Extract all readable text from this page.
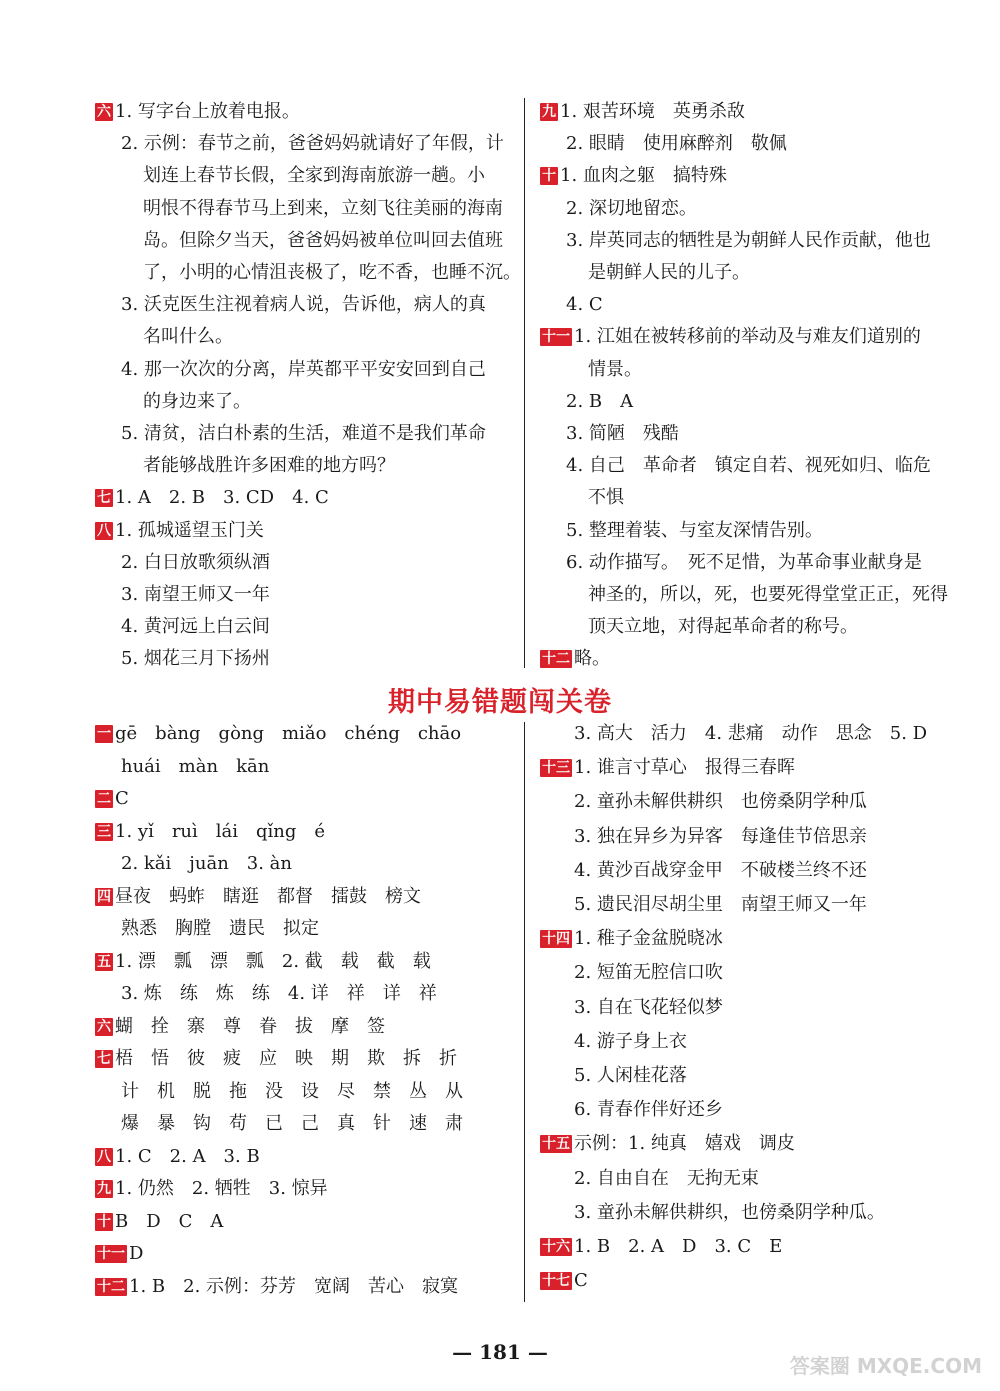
六 1. 写字台上放着电报。
2. 示例：春节之前，爸爸妈妈就请好了年假，计
划连上春节长假，全家到海南旅游一趟。小
明恨不得春节马上到来，立刻飞往美丽的海南
岛。但除夕当天，爸爸妈妈被单位叫回去值班
了，小明的心情沮丧极了，吃不香，也睡不沉。
3. 沃克医生注视着病人说，告诉他，病人的真
名叫什么。
4. 那一次次的分离，岸英都平平安安回到自己
的身边来了。
5. 清贫，洁白朴素的生活，难道不是我们革命
者能够战胜许多困难的地方吗？
七 1. A　2. B　3. CD　4. C
八 1. 孤城遥望玉门关
2. 白日放歌须纵酒
3. 南望王师又一年
4. 黄河远上白云间
5. 烟花三月下扬州
九 1. 艰苦环境　英勇杀敌
2. 眼睛　使用麻醉剂　敬佩
十 1. 血肉之躯　搞特殊
2. 深切地留恋。
3. 岸英同志的牺牲是为朝鲜人民作贡献，他也
是朝鲜人民的儿子。
4. C
十一 1. 江姐在被转移前的举动及与难友们道别的
情景。
2. B　A
3. 简陋　残酷
4. 自己　革命者　镇定自若、视死如归、临危
不惧
5. 整理着装、与室友深情告别。
6. 动作描写。　死不足惜，为革命事业献身是
神圣的，所以，死，也要死得堂堂正正，死得
顶天立地，对得起革命者的称号。
十二 略。
期中易错题闯关卷
一 gē　bàng　gòng　miǎo　chéng　chāo
huái　màn　kān
二 C
三 1. yǐ　ruì　lái　qǐng　é
2. kǎi　juān　3. àn
四 昼夜　蚂蚱　瞎逛　都督　擂鼓　榜文
熟悉　胸膛　遗民　拟定
五 1. 漂　瓢　漂　瓢　2. 截　载　截　载
3. 炼　练　炼　练　4. 详　祥　详　祥
六 蝴　拴　寨　尊　眷　拔　摩　签
七 梧　悟　彼　疲　应　映　期　欺　拆　折
计　机　脱　拖　没　设　尽　禁　丛　从
爆　暴　钩　苟　已　己　真　针　速　肃
八 1. C　2. A　3. B
九 1. 仍然　2. 牺牲　3. 惊异
十 B　D　C　A
十一 D
十二 1. B　2. 示例：芬芳　宽阔　苦心　寂寞
3. 高大　活力　4. 悲痛　动作　思念　5. D
十三 1. 谁言寸草心　报得三春晖
2. 童孙未解供耕织　也傍桑阴学种瓜
3. 独在异乡为异客　每逢佳节倍思亲
4. 黄沙百战穿金甲　不破楼兰终不还
5. 遗民泪尽胡尘里　南望王师又一年
十四 1. 稚子金盆脱晓冰
2. 短笛无腔信口吹
3. 自在飞花轻似梦
4. 游子身上衣
5. 人闲桂花落
6. 青春作伴好还乡
十五 示例：1. 纯真　嬉戏　调皮
2. 自由自在　无拘无束
3. 童孙未解供耕织，也傍桑阴学种瓜。
十六 1. B　2. A　D　3. C　E
十七 C
— 181 —
答案圈 MXQE.COM
